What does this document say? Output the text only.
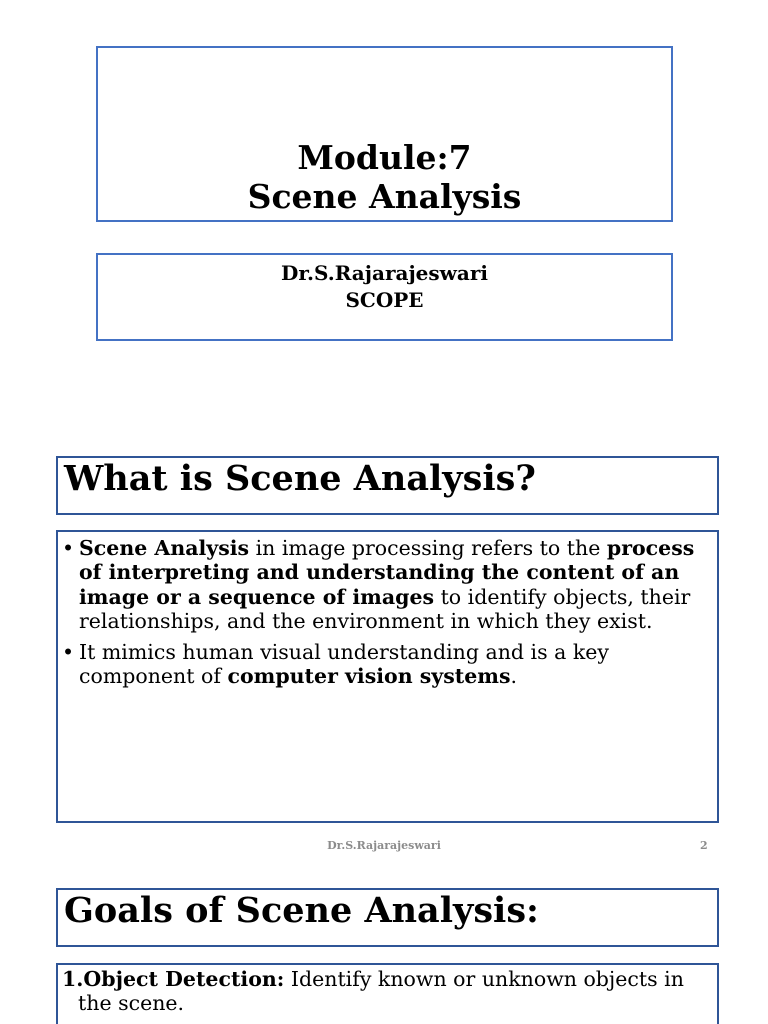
Module:7
Scene Analysis
Dr.S.Rajarajeswari
SCOPE
What is Scene Analysis?
• Scene Analysis in image processing refers to the process of interpreting and understanding the content of an image or a sequence of images to identify objects, their relationships, and the environment in which they exist.
• It mimics human visual understanding and is a key component of computer vision systems.
Dr.S.Rajarajeswari	2
Goals of Scene Analysis:
1.Object Detection: Identify known or unknown objects in the scene.
